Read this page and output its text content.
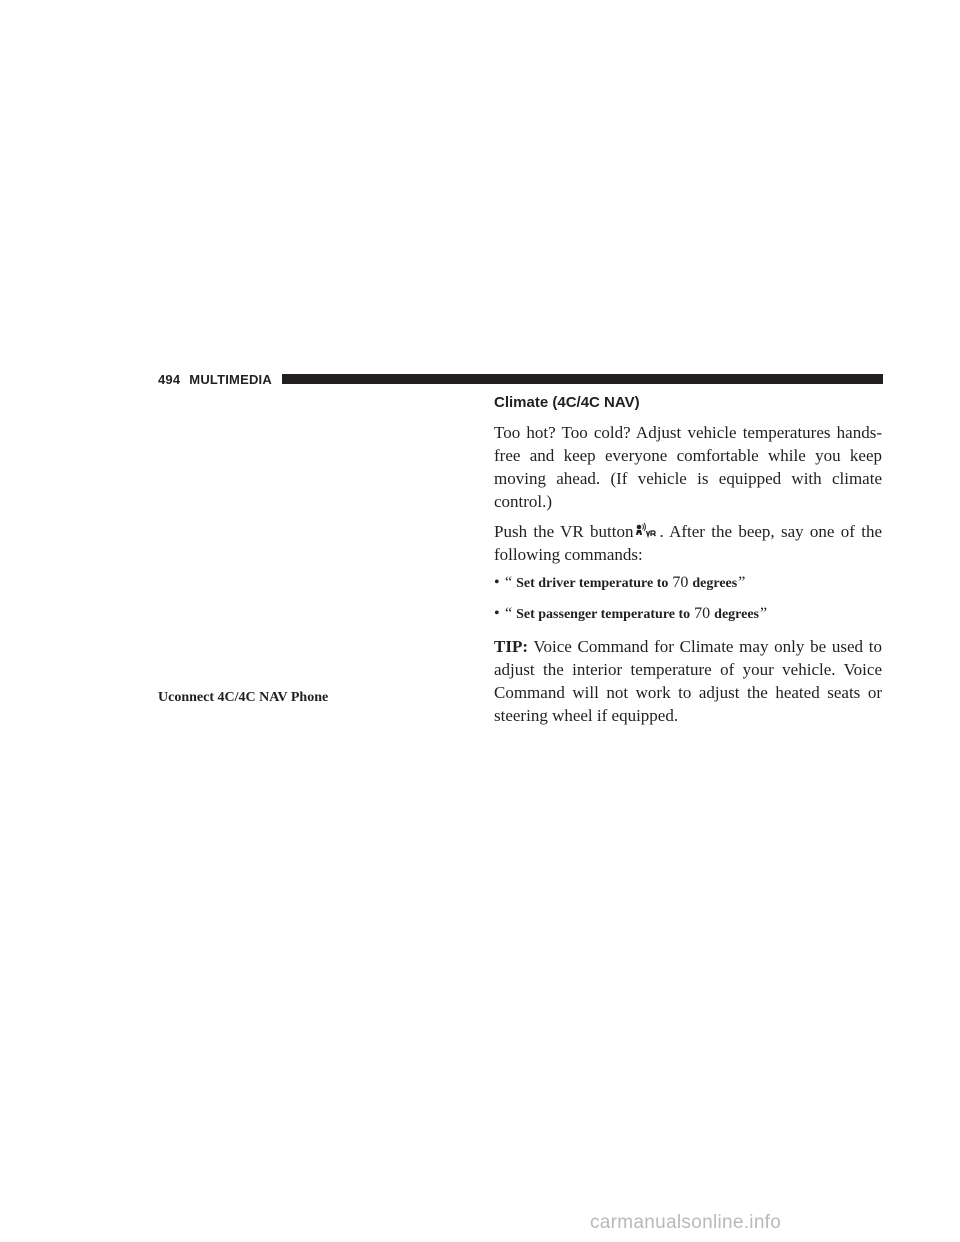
494 MULTIMEDIA
Climate (4C/4C NAV)

Too hot? Too cold? Adjust vehicle temperatures hands-free and keep everyone comfortable while you keep moving ahead. (If vehicle is equipped with climate control.)

Push the VR button . After the beep, say one of the following commands:

• “ Set driver temperature to 70 degrees ”
• “ Set passenger temperature to 70 degrees ”

TIP: Voice Command for Climate may only be used to adjust the interior temperature of your vehicle. Voice Command will not work to adjust the heated seats or steering wheel if equipped.

Uconnect 4C/4C NAV Phone
carmanualsonline.info
